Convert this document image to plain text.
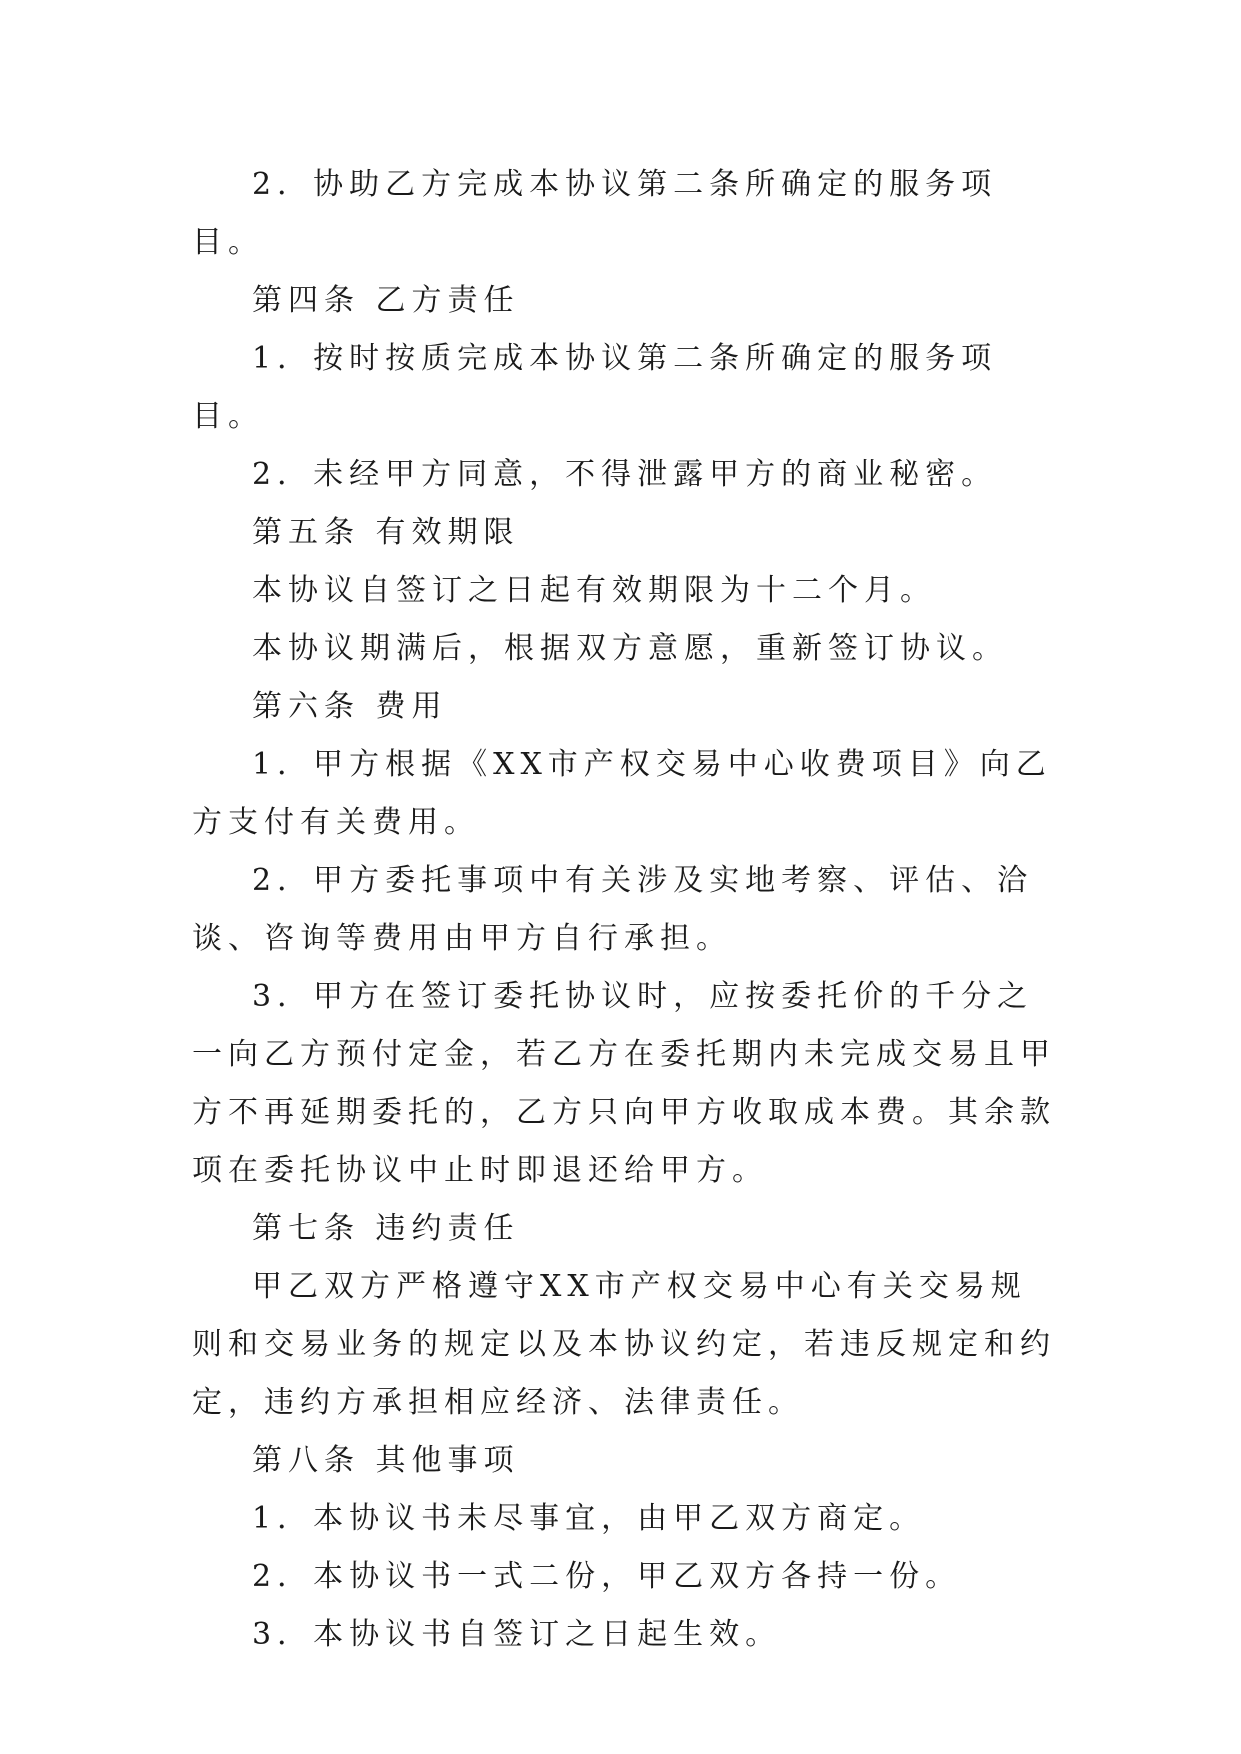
2．协助乙方完成本协议第二条所确定的服务项目。

第四条 乙方责任

1．按时按质完成本协议第二条所确定的服务项目。

2．未经甲方同意，不得泄露甲方的商业秘密。

第五条 有效期限

本协议自签订之日起有效期限为十二个月。

本协议期满后，根据双方意愿，重新签订协议。

第六条 费用

1．甲方根据《XX市产权交易中心收费项目》向乙方支付有关费用。

2．甲方委托事项中有关涉及实地考察、评估、洽谈、咨询等费用由甲方自行承担。

3．甲方在签订委托协议时，应按委托价的千分之一向乙方预付定金，若乙方在委托期内未完成交易且甲方不再延期委托的，乙方只向甲方收取成本费。其余款项在委托协议中止时即退还给甲方。

第七条 违约责任

甲乙双方严格遵守XX市产权交易中心有关交易规则和交易业务的规定以及本协议约定，若违反规定和约定，违约方承担相应经济、法律责任。

第八条 其他事项

1．本协议书未尽事宜，由甲乙双方商定。

2．本协议书一式二份，甲乙双方各持一份。

3．本协议书自签订之日起生效。
